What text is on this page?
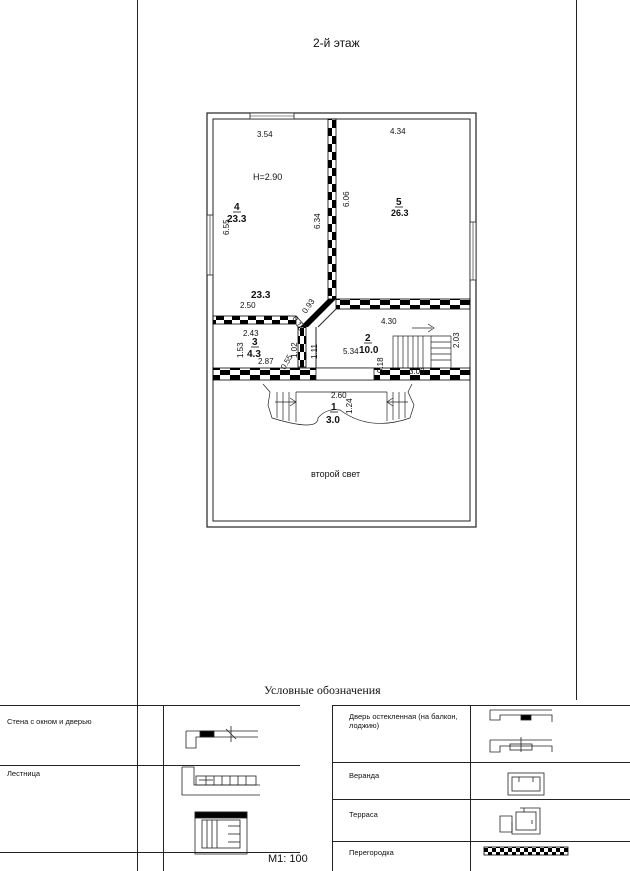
2-й этаж
3.54	4.34
H=2.90
6.55	6.34
6.06
2.50
0.15
0.93
4.30
2.43
1.53	1.02 1.11
0.55
5.34
2.03
0.18	3.00
2.87
2.60
1.24
4
23.3
5
26.3
23.3
3
4.3
2
10.0
1
3.0
второй свет
Условные обозначения
Стена с окном и дверью
Лестница
Дверь остекленная (на балкон, лоджию)
Веранда
Терраса
Перегородка
М1: 100
